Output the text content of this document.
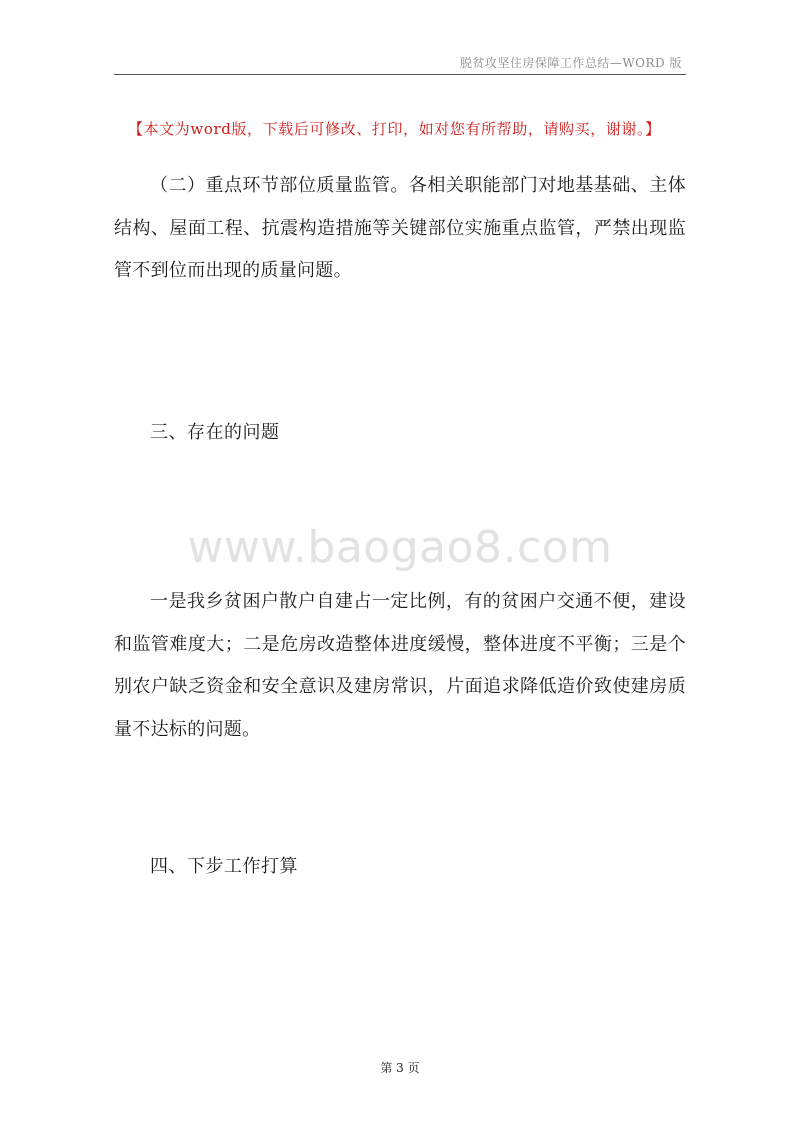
脱贫攻坚住房保障工作总结—WORD 版
【本文为word版，下载后可修改、打印，如对您有所帮助，请购买，谢谢。】

（二）重点环节部位质量监管。各相关职能部门对地基基础、主体结构、屋面工程、抗震构造措施等关键部位实施重点监管，严禁出现监管不到位而出现的质量问题。

三、存在的问题
www.baogao8.com

一是我乡贫困户散户自建占一定比例，有的贫困户交通不便，建设和监管难度大；二是危房改造整体进度缓慢，整体进度不平衡；三是个别农户缺乏资金和安全意识及建房常识，片面追求降低造价致使建房质量不达标的问题。

四、下步工作打算
第 3 页
